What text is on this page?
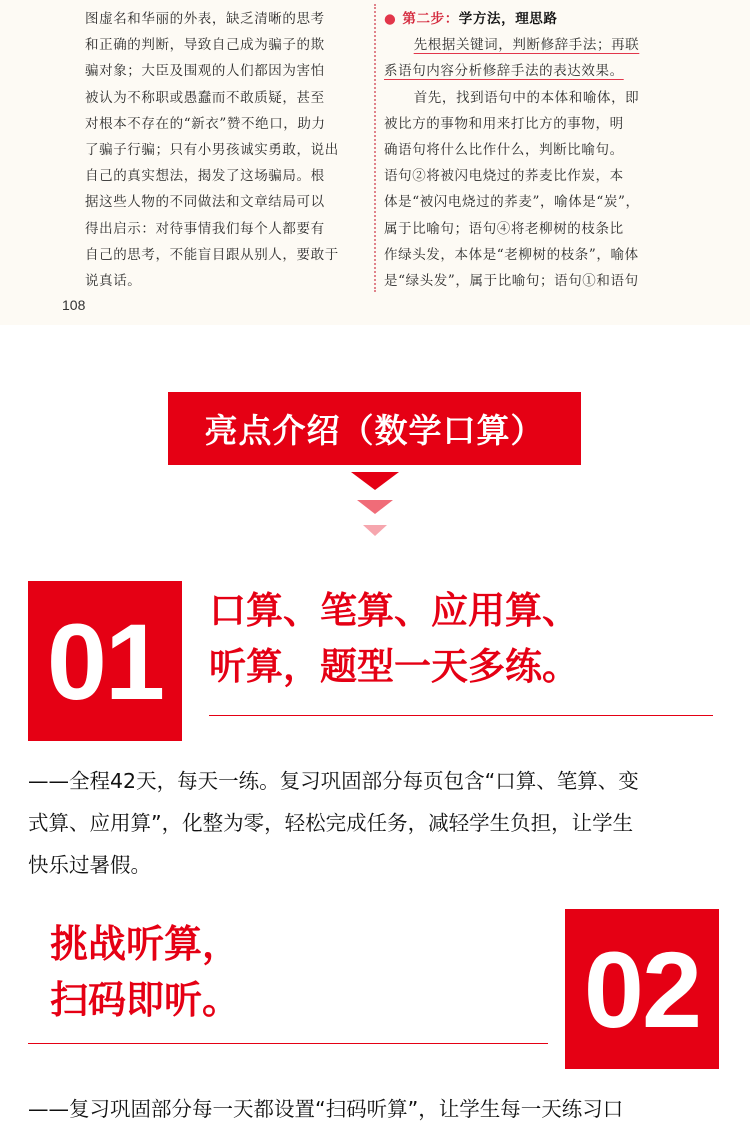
图虚名和华丽的外表，缺乏清晰的思考

和正确的判断，导致自己成为骗子的欺

骗对象；大臣及围观的人们都因为害怕

被认为不称职或愚蠢而不敢质疑，甚至

对根本不存在的“新衣”赞不绝口，助力

了骗子行骗；只有小男孩诚实勇敢，说出

自己的真实想法，揭发了这场骗局。根

据这些人物的不同做法和文章结局可以

得出启示：对待事情我们每个人都要有

自己的思考，不能盲目跟从别人，要敢于

说真话。

● 第二步：学方法，理思路

先根据关键词，判断修辞手法；再联

系语句内容分析修辞手法的表达效果。

首先，找到语句中的本体和喻体，即

被比方的事物和用来打比方的事物，明

确语句将什么比作什么，判断比喻句。

语句②将被闪电烧过的荞麦比作炭，本

体是“被闪电烧过的荞麦”，喻体是“炭”，

属于比喻句；语句④将老柳树的枝条比

作绿头发，本体是“老柳树的枝条”，喻体

是“绿头发”，属于比喻句；语句①和语句

108
亮点介绍（数学口算）
01	口算、笔算、应用算、
听算，题型一天多练。
——全程42天，每天一练。复习巩固部分每页包含“口算、笔算、变
式算、应用算”，化整为零，轻松完成任务，减轻学生负担，让学生
快乐过暑假。
挑战听算，
扫码即听。	02
——复习巩固部分每一天都设置“扫码听算”，让学生每一天练习口
